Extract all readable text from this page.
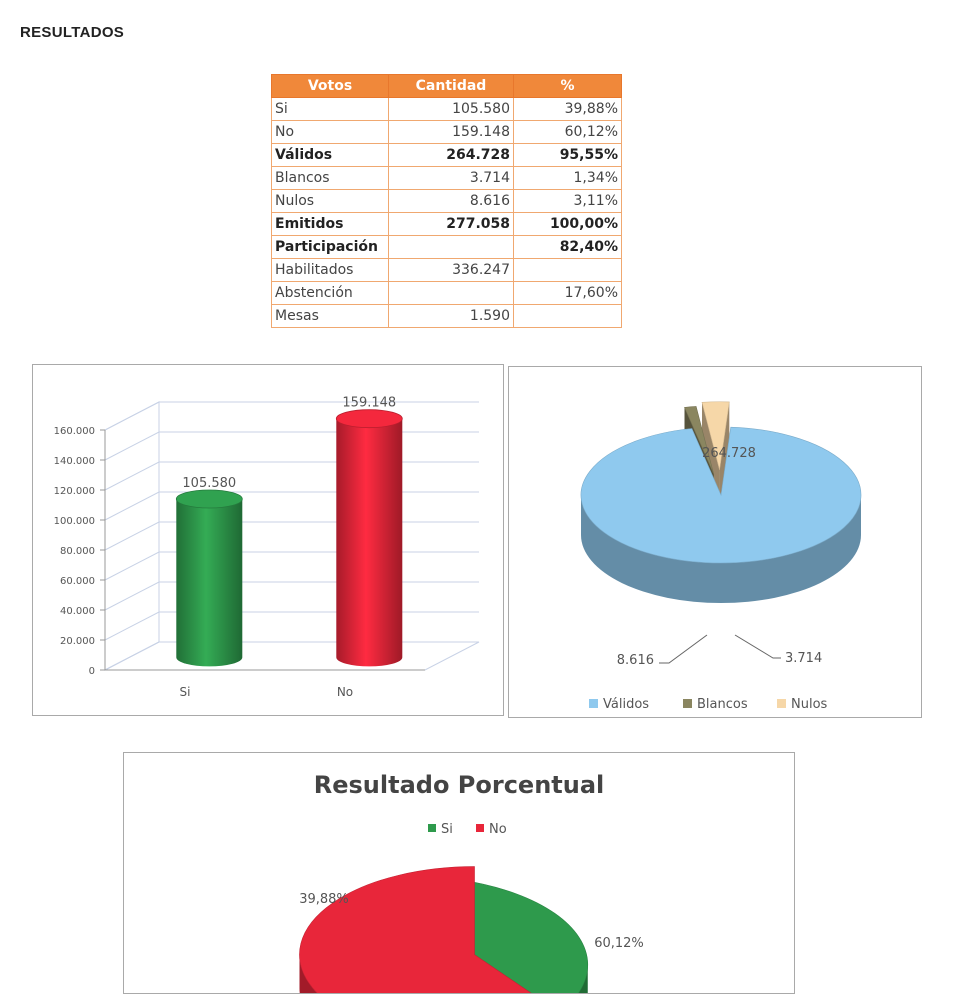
RESULTADOS
Votos	Cantidad	%
Si	105.580	39,88%
No	159.148	60,12%
Válidos	264.728	95,55%
Blancos	3.714	1,34%
Nulos	8.616	3,11%
Emitidos	277.058	100,00%
Participación		82,40%
Habilitados	336.247	
Abstención		17,60%
Mesas	1.590	
0
20.000
40.000
60.000
80.000
100.000
120.000
140.000
160.000
105.580
Si
159.148
No
264.728
3.714
8.616
Válidos	Blancos	Nulos
Resultado Porcentual
Si	No
39,88%
60,12%
